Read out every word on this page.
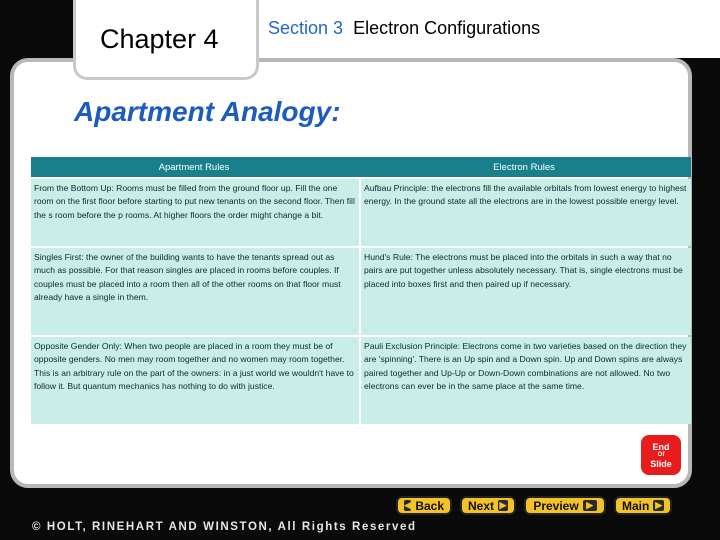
Chapter 4	Section 3 Electron Configurations
Apartment Analogy:
Apartment Rules	Electron Rules
From the Bottom Up: Rooms must be filled from the ground floor up. Fill the one room on the first floor before starting to put new tenants on the second floor. Then fill the s room before the p rooms. At higher floors the order might change a bit.
Aufbau Principle: the electrons fill the available orbitals from lowest energy to highest energy. In the ground state all the electrons are in the lowest possible energy level.
Singles First: the owner of the building wants to have the tenants spread out as much as possible. For that reason singles are placed in rooms before couples. If couples must be placed into a room then all of the other rooms on that floor must already have a single in them.
Hund's Rule: The electrons must be placed into the orbitals in such a way that no pairs are put together unless absolutely necessary. That is, single electrons must be placed into boxes first and then paired up if necessary.
Opposite Gender Only: When two people are placed in a room they must be of opposite genders. No men may room together and no women may room together. This is an arbitrary rule on the part of the owners: in a just world we wouldn't have to follow it. But quantum mechanics has nothing to do with justice.
Pauli Exclusion Principle: Electrons come in two varieties based on the direction they are 'spinning'. There is an Up spin and a Down spin. Up and Down spins are always paired together and Up-Up or Down-Down combinations are not allowed. No two electrons can ever be in the same place at the same time.
End
Of
Slide
◀ Back Next ▶ Preview ▶ Main ▶
© HOLT, RINEHART AND WINSTON, All Rights Reserved
